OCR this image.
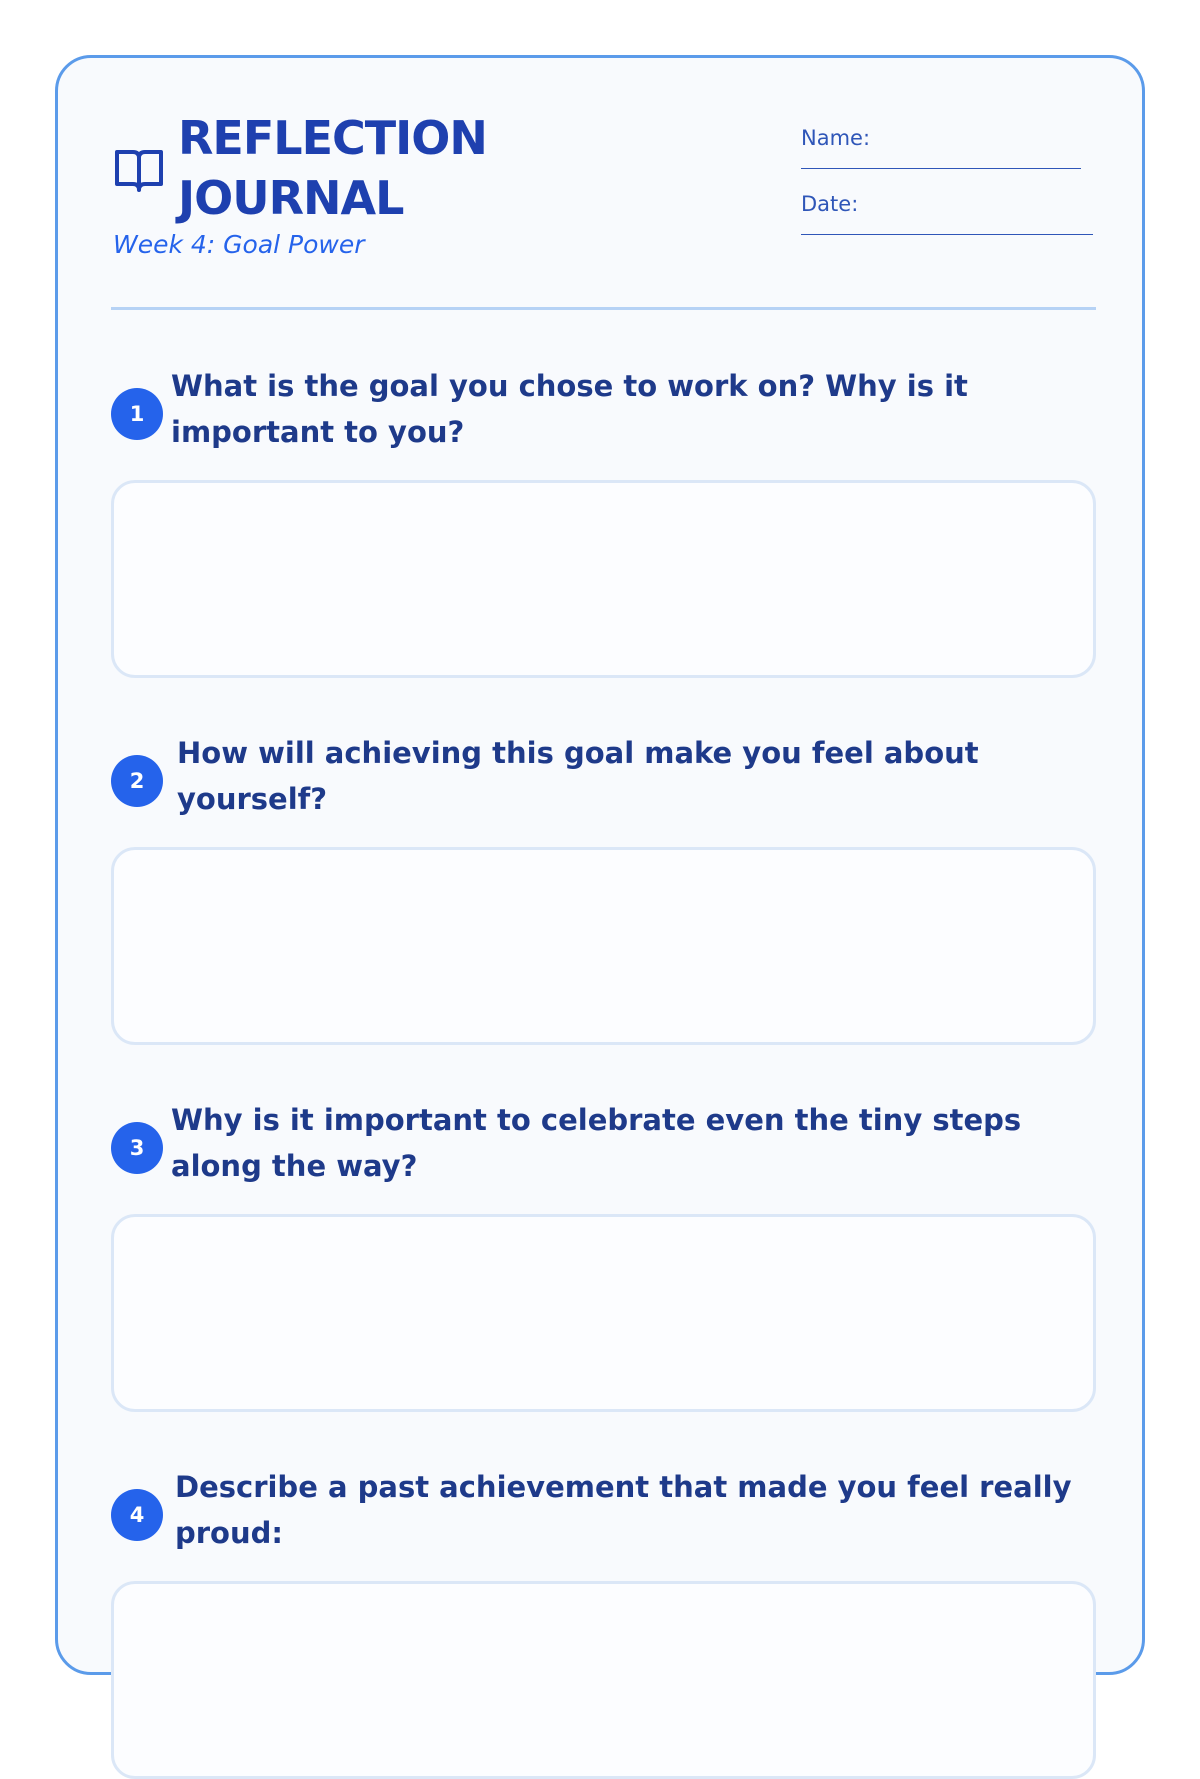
REFLECTION JOURNAL
Week 4: Goal Power
Name:
Date:
1

What is the goal you chose to work on? Why is it important to you?

2

How will achieving this goal make you feel about yourself?

3

Why is it important to celebrate even the tiny steps along the way?

4

Describe a past achievement that made you feel really proud:
